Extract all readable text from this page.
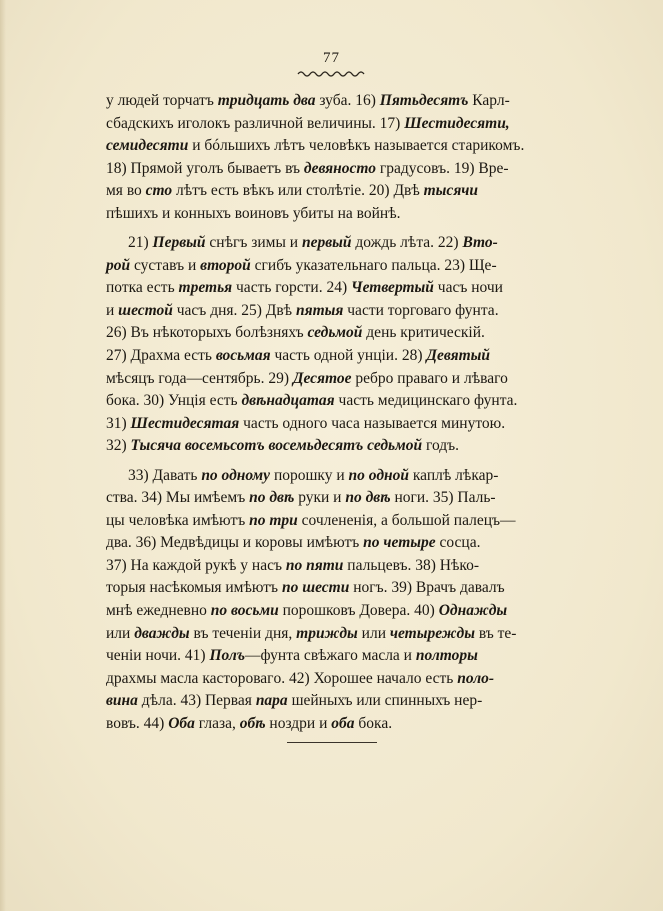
77
у людей торчатъ тридцать два зуба. 16) Пятьдесятъ Карл-
сбадскихъ иголокъ различной величины. 17) Шестидесяти,
семидесяти и бóльшихъ лѣтъ человѣкъ называется старикомъ.
18) Прямой уголъ бываетъ въ девяносто градусовъ. 19) Вре-
мя во сто лѣтъ есть вѣкъ или столѣтіе. 20) Двѣ тысячи
пѣшихъ и конныхъ воиновъ убиты на войнѣ.
21) Первый снѣгъ зимы и первый дождь лѣта. 22) Вто-
рой суставъ и второй сгибъ указательнаго пальца. 23) Ще-
потка есть третья часть горсти. 24) Четвертый часъ ночи
и шестой часъ дня. 25) Двѣ пятыя части торговаго фунта.
26) Въ нѣкоторыхъ болѣзняхъ седьмой день критическій.
27) Драхма есть восьмая часть одной унціи. 28) Девятый
мѣсяцъ года—сентябрь. 29) Десятое ребро праваго и лѣваго
бока. 30) Унція есть двѣнадцатая часть медицинскаго фунта.
31) Шестидесятая часть одного часа называется минутою.
32) Тысяча восемьсотъ восемьдесятъ седьмой годъ.
33) Давать по одному порошку и по одной каплѣ лѣкар-
ства. 34) Мы имѣемъ по двѣ руки и по двѣ ноги. 35) Паль-
цы человѣка имѣютъ по три сочлененія, а большой палецъ—
два. 36) Медвѣдицы и коровы имѣютъ по четыре сосца.
37) На каждой рукѣ у насъ по пяти пальцевъ. 38) Нѣко-
торыя насѣкомыя имѣютъ по шести ногъ. 39) Врачъ давалъ
мнѣ ежедневно по восьми порошковъ Довера. 40) Однажды
или дважды въ теченіи дня, трижды или четырежды въ те-
ченіи ночи. 41) Полъ—фунта свѣжаго масла и полторы
драхмы масла касторовагo. 42) Хорошее начало есть поло-
вина дѣла. 43) Первая пара шейныхъ или спинныхъ нер-
вовъ. 44) Оба глаза, обѣ ноздри и оба бока.
